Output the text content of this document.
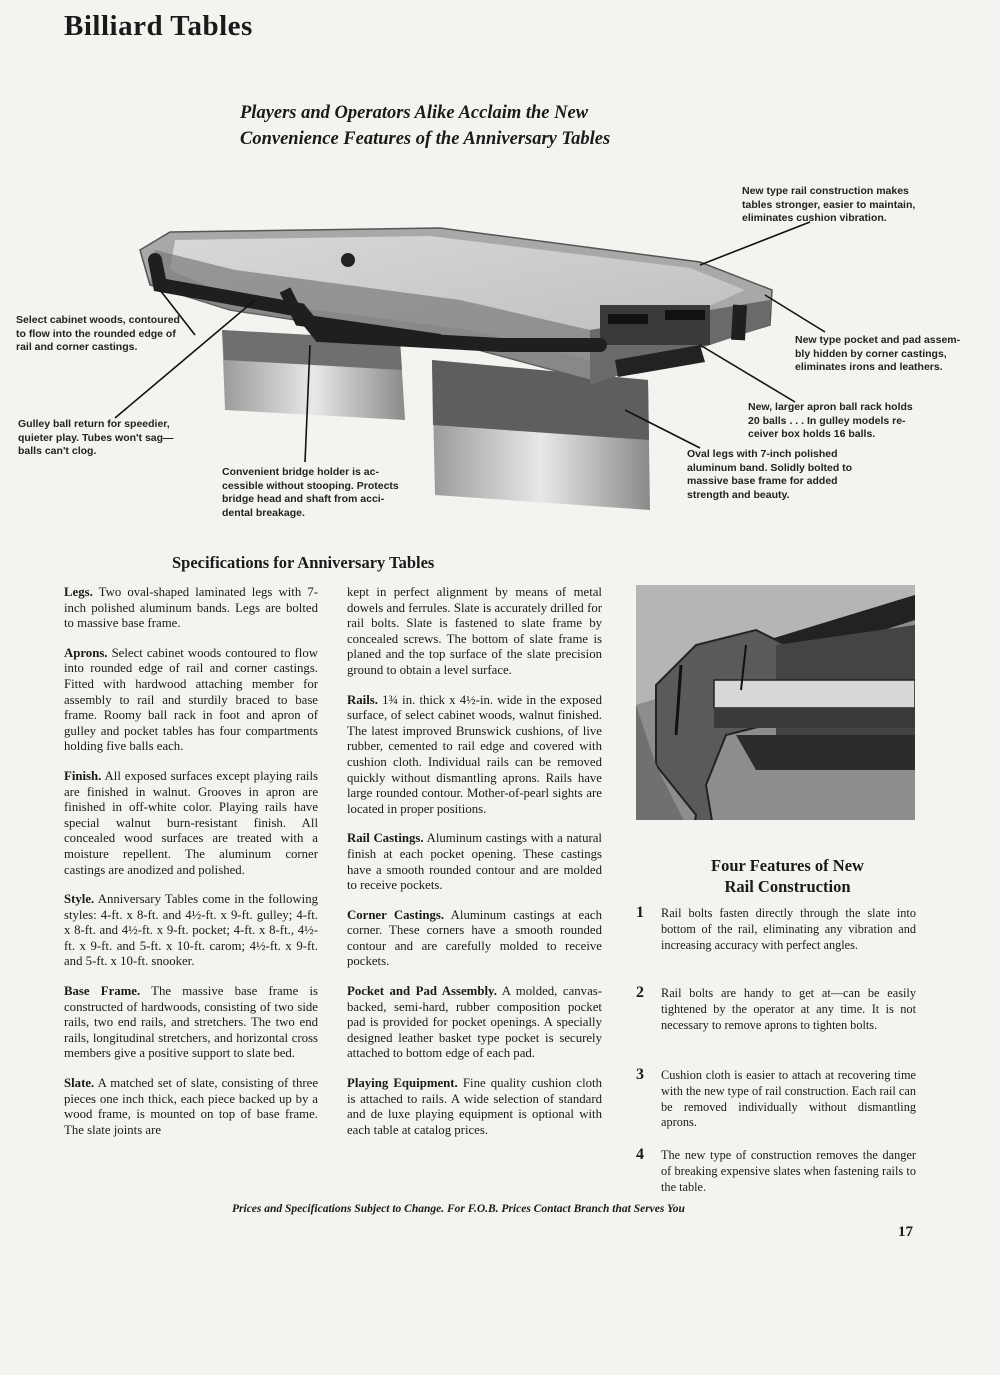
Billiard Tables
Players and Operators Alike Acclaim the New
Convenience Features of the Anniversary Tables
New type rail construction makes
tables stronger, easier to maintain,
eliminates cushion vibration.
Select cabinet woods, contoured
to flow into the rounded edge of
rail and corner castings.
New type pocket and pad assem-
bly hidden by corner castings,
eliminates irons and leathers.
New, larger apron ball rack holds
20 balls . . . In gulley models re-
ceiver box holds 16 balls.
Gulley ball return for speedier,
quieter play. Tubes won't sag—
balls can't clog.	Oval legs with 7-inch polished
aluminum band. Solidly bolted to
massive base frame for added
strength and beauty.
Convenient bridge holder is ac-
cessible without stooping. Protects
bridge head and shaft from acci-
dental breakage.
Specifications for Anniversary Tables

Legs. Two oval-shaped laminated legs with 7-inch polished aluminum bands. Legs are bolted to massive base frame.

Aprons. Select cabinet woods contoured to flow into rounded edge of rail and corner castings. Fitted with hardwood attaching member for assembly to rail and sturdily braced to base frame. Roomy ball rack in foot and apron of gulley and pocket tables has four compartments holding five balls each.

Finish. All exposed surfaces except playing rails are finished in walnut. Grooves in apron are finished in off-white color. Playing rails have special walnut burn-resistant finish. All concealed wood surfaces are treated with a moisture repellent. The aluminum corner castings are anodized and polished.

Style. Anniversary Tables come in the following styles: 4-ft. x 8-ft. and 4½-ft. x 9-ft. gulley; 4-ft. x 8-ft. and 4½-ft. x 9-ft. pocket; 4-ft. x 8-ft., 4½-ft. x 9-ft. and 5-ft. x 10-ft. carom; 4½-ft. x 9-ft. and 5-ft. x 10-ft. snooker.

Base Frame. The massive base frame is constructed of hardwoods, consisting of two side rails, two end rails, and stretchers. The two end rails, longitudinal stretchers, and horizontal cross members give a positive support to slate bed.

Slate. A matched set of slate, consisting of three pieces one inch thick, each piece backed up by a wood frame, is mounted on top of base frame. The slate joints are

kept in perfect alignment by means of metal dowels and ferrules. Slate is accurately drilled for rail bolts. Slate is fastened to slate frame by concealed screws. The bottom of slate frame is planed and the top surface of the slate precision ground to obtain a level surface.

Rails. 1¾ in. thick x 4½-in. wide in the exposed surface, of select cabinet woods, walnut finished. The latest improved Brunswick cushions, of live rubber, cemented to rail edge and covered with cushion cloth. Individual rails can be removed quickly without dismantling aprons. Rails have large rounded contour. Mother-of-pearl sights are located in proper positions.

Rail Castings. Aluminum castings with a natural finish at each pocket opening. These castings have a smooth rounded contour and are molded to receive pockets.

Corner Castings. Aluminum castings at each corner. These corners have a smooth rounded contour and are carefully molded to receive pockets.

Pocket and Pad Assembly. A molded, canvas-backed, semi-hard, rubber composition pocket pad is provided for pocket openings. A specially designed leather basket type pocket is securely attached to bottom edge of each pad.

Playing Equipment. Fine quality cushion cloth is attached to rails. A wide selection of standard and de luxe playing equipment is optional with each table at catalog prices.

Four Features of New
Rail Construction
1 Rail bolts fasten directly through the slate into bottom of the rail, eliminating any vibration and increasing accuracy with perfect angles.
2 Rail bolts are handy to get at—can be easily tightened by the operator at any time. It is not necessary to remove aprons to tighten bolts.
3 Cushion cloth is easier to attach at recovering time with the new type of rail construction. Each rail can be removed individually without dismantling aprons.
4 The new type of construction removes the danger of breaking expensive slates when fastening rails to the table.
Prices and Specifications Subject to Change. For F.O.B. Prices Contact Branch that Serves You
17
